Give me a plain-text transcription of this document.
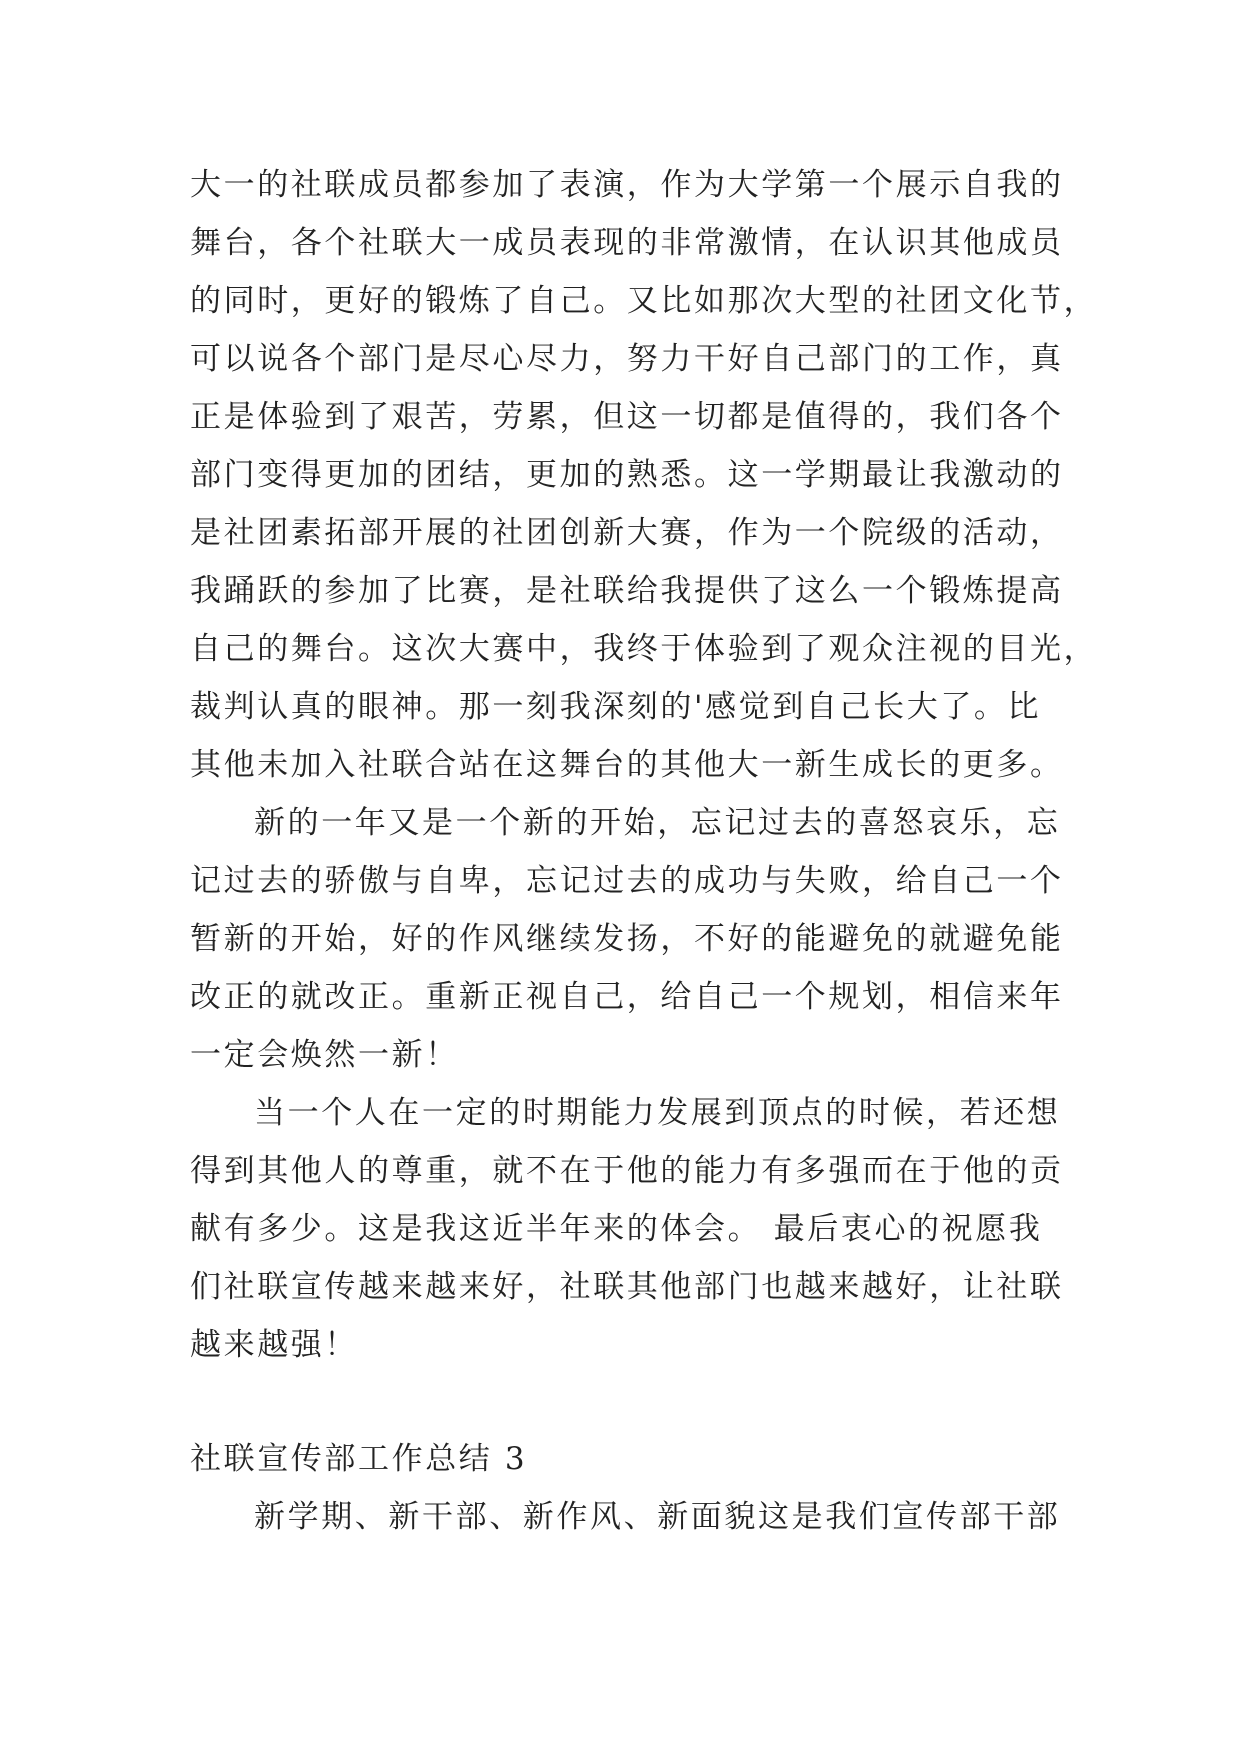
大一的社联成员都参加了表演，作为大学第一个展示自我的
舞台，各个社联大一成员表现的非常激情，在认识其他成员
的同时，更好的锻炼了自己。又比如那次大型的社团文化节，
可以说各个部门是尽心尽力，努力干好自己部门的工作，真
正是体验到了艰苦，劳累，但这一切都是值得的，我们各个
部门变得更加的团结，更加的熟悉。这一学期最让我激动的
是社团素拓部开展的社团创新大赛，作为一个院级的活动，
我踊跃的参加了比赛，是社联给我提供了这么一个锻炼提高
自己的舞台。这次大赛中，我终于体验到了观众注视的目光，
裁判认真的眼神。那一刻我深刻的'感觉到自己长大了。比
其他未加入社联合站在这舞台的其他大一新生成长的更多。
新的一年又是一个新的开始，忘记过去的喜怒哀乐，忘
记过去的骄傲与自卑，忘记过去的成功与失败，给自己一个
暂新的开始，好的作风继续发扬，不好的能避免的就避免能
改正的就改正。重新正视自己，给自己一个规划，相信来年
一定会焕然一新！
当一个人在一定的时期能力发展到顶点的时候，若还想
得到其他人的尊重，就不在于他的能力有多强而在于他的贡
献有多少。这是我这近半年来的体会。 最后衷心的祝愿我
们社联宣传越来越来好，社联其他部门也越来越好，让社联
越来越强！
社联宣传部工作总结 3
新学期、新干部、新作风、新面貌这是我们宣传部干部
